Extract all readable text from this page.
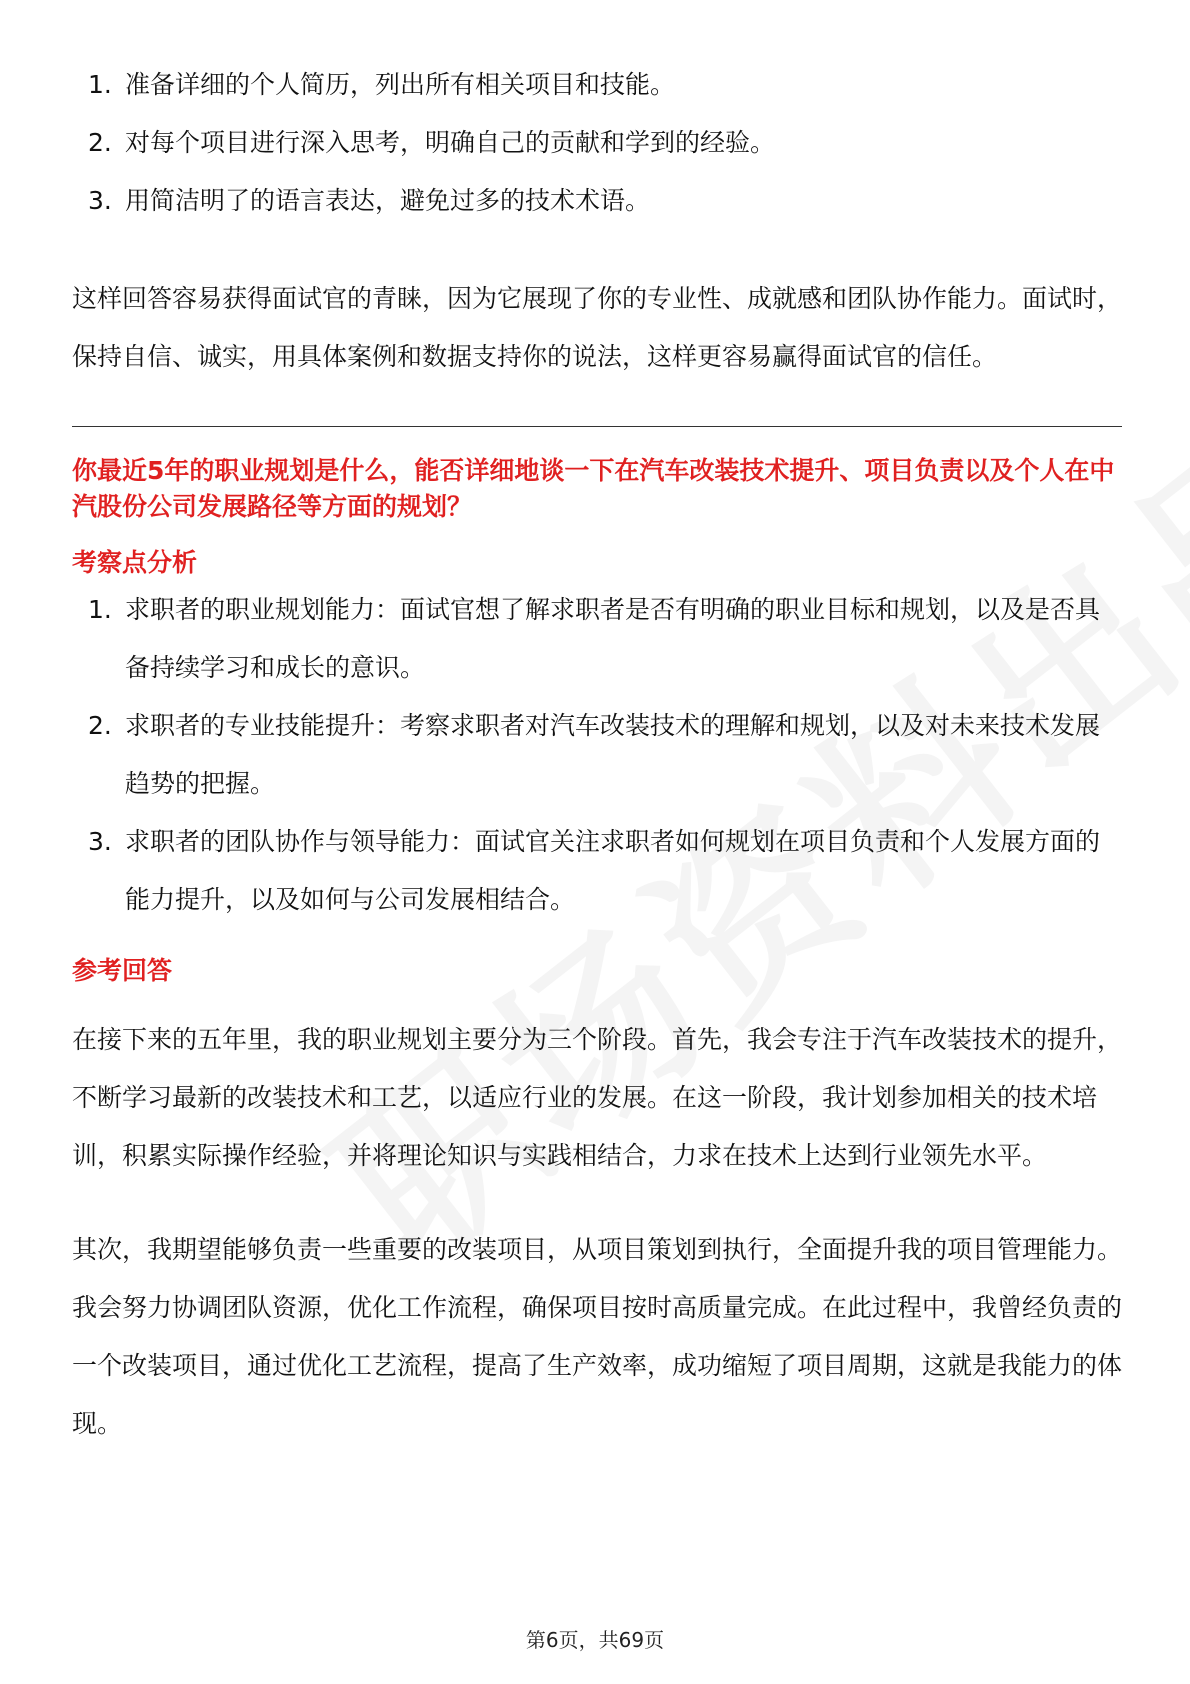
1. 准备详细的个人简历，列出所有相关项目和技能。
2. 对每个项目进行深入思考，明确自己的贡献和学到的经验。
3. 用简洁明了的语言表达，避免过多的技术术语。

这样回答容易获得面试官的青睐，因为它展现了你的专业性、成就感和团队协作能力。面试时，保持自信、诚实，用具体案例和数据支持你的说法，这样更容易赢得面试官的信任。

你最近5年的职业规划是什么，能否详细地谈一下在汽车改装技术提升、项目负责以及个人在中汽股份公司发展路径等方面的规划？
考察点分析
1. 求职者的职业规划能力：面试官想了解求职者是否有明确的职业目标和规划，以及是否具备持续学习和成长的意识。
2. 求职者的专业技能提升：考察求职者对汽车改装技术的理解和规划，以及对未来技术发展趋势的把握。
3. 求职者的团队协作与领导能力：面试官关注求职者如何规划在项目负责和个人发展方面的能力提升，以及如何与公司发展相结合。
参考回答

在接下来的五年里，我的职业规划主要分为三个阶段。首先，我会专注于汽车改装技术的提升，不断学习最新的改装技术和工艺，以适应行业的发展。在这一阶段，我计划参加相关的技术培训，积累实际操作经验，并将理论知识与实践相结合，力求在技术上达到行业领先水平。

其次，我期望能够负责一些重要的改装项目，从项目策划到执行，全面提升我的项目管理能力。我会努力协调团队资源，优化工作流程，确保项目按时高质量完成。在此过程中，我曾经负责的一个改装项目，通过优化工艺流程，提高了生产效率，成功缩短了项目周期，这就是我能力的体现。

第6页，共69页
